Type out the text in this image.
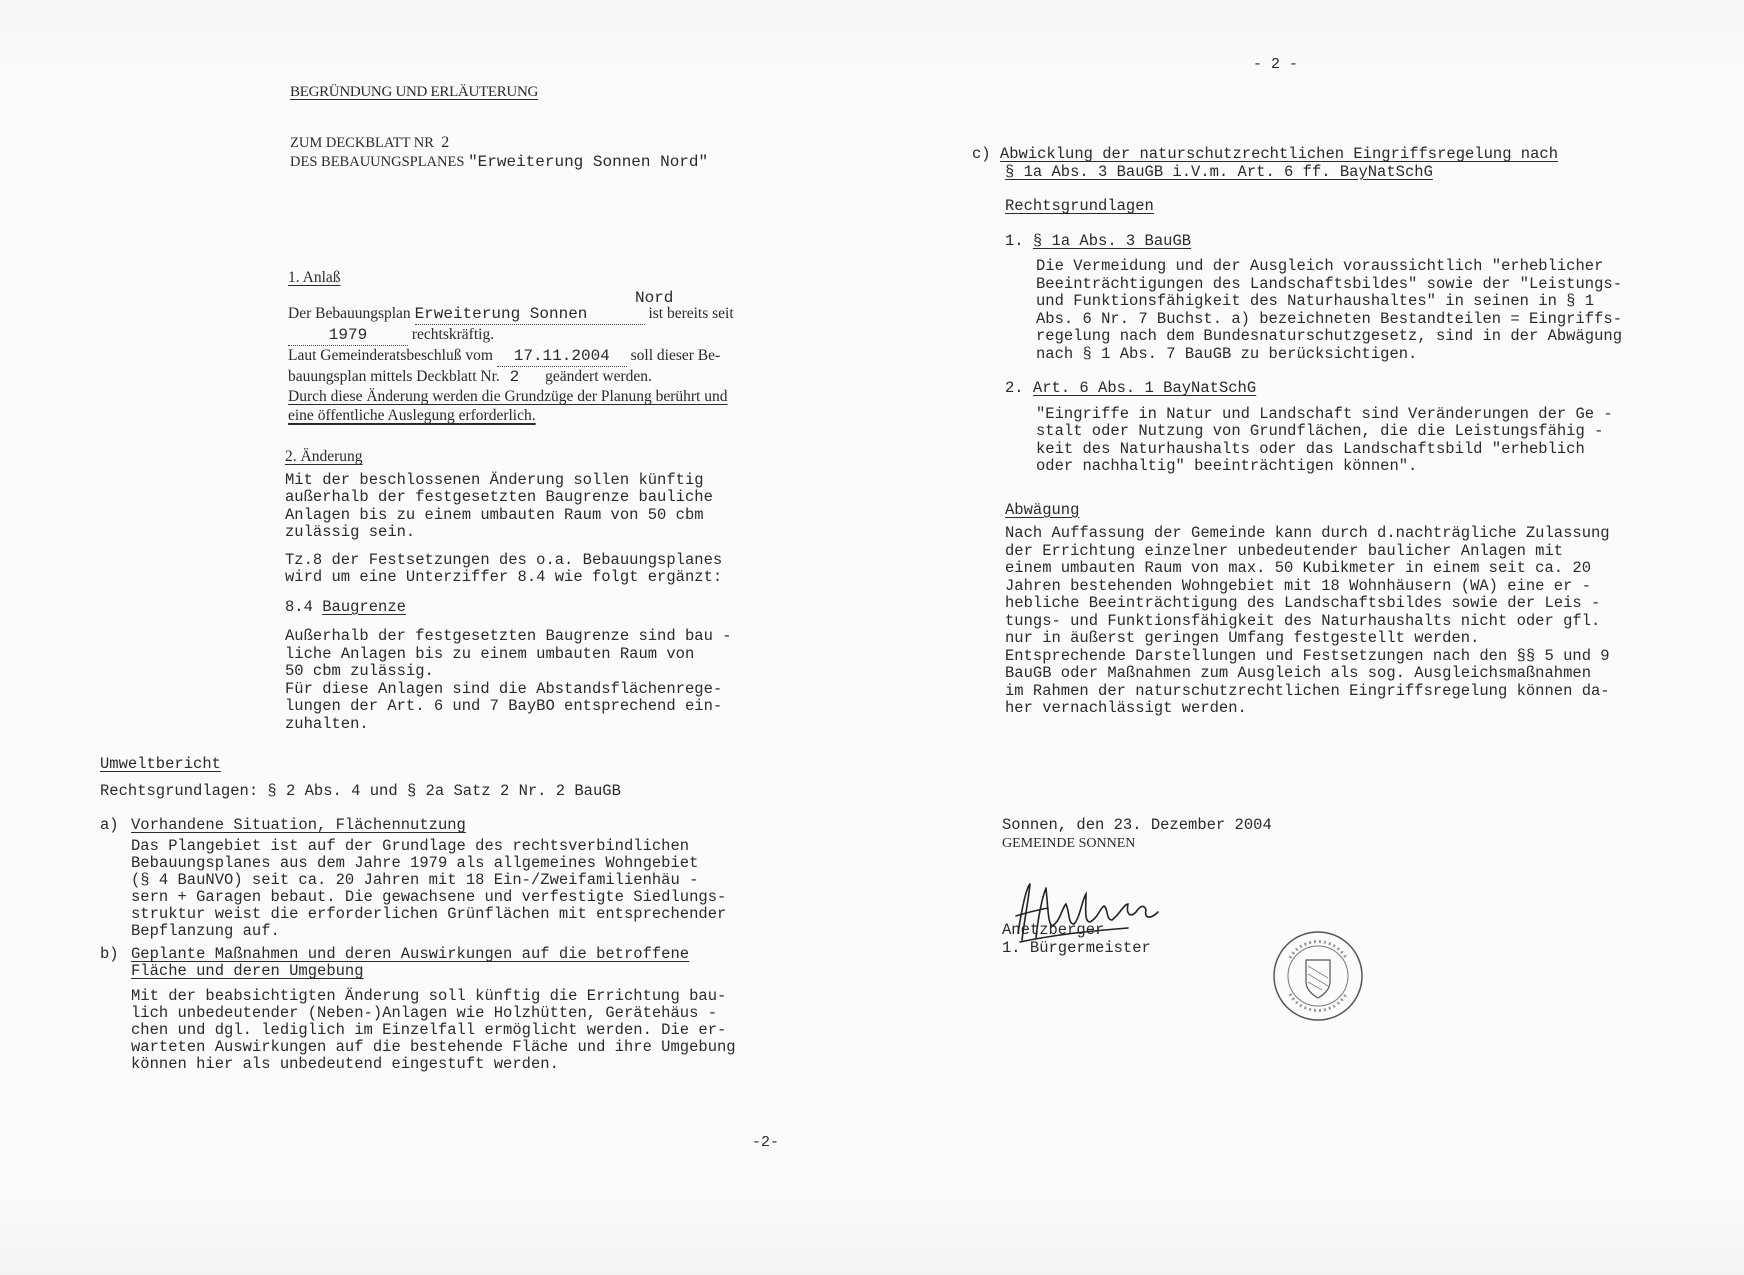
BEGRÜNDUNG UND ERLÄUTERUNG
ZUM DECKBLATT NR 2
DES BEBAUUNGSPLANES "Erweiterung Sonnen Nord"
1. Anlaß
Nord
Der Bebauungsplan Erweiterung Sonnen	ist bereits seit
1979	rechtskräftig.
Laut Gemeinderatsbeschluß vom 17.11.2004 soll dieser Be-
bauungsplan mittels Deckblatt Nr. 2 geändert werden.
Durch diese Änderung werden die Grundzüge der Planung berührt und
eine öffentliche Auslegung erforderlich.
2. Änderung
Mit der beschlossenen Änderung sollen künftig
außerhalb der festgesetzten Baugrenze bauliche
Anlagen bis zu einem umbauten Raum von 50 cbm
zulässig sein.
Tz.8 der Festsetzungen des o.a. Bebauungsplanes
wird um eine Unterziffer 8.4 wie folgt ergänzt:
8.4 Baugrenze
Außerhalb der festgesetzten Baugrenze sind bau -
liche Anlagen bis zu einem umbauten Raum von
50 cbm zulässig.
Für diese Anlagen sind die Abstandsflächenrege-
lungen der Art. 6 und 7 BayBO entsprechend ein-
zuhalten.
Umweltbericht
Rechtsgrundlagen: § 2 Abs. 4 und § 2a Satz 2 Nr. 2 BauGB
a) Vorhandene Situation, Flächennutzung
Das Plangebiet ist auf der Grundlage des rechtsverbindlichen
Bebauungsplanes aus dem Jahre 1979 als allgemeines Wohngebiet
(§ 4 BauNVO) seit ca. 20 Jahren mit 18 Ein-/Zweifamilienhäu -
sern + Garagen bebaut. Die gewachsene und verfestigte Siedlungs-
struktur weist die erforderlichen Grünflächen mit entsprechender
Bepflanzung auf.
b) Geplante Maßnahmen und deren Auswirkungen auf die betroffene
Fläche und deren Umgebung
Mit der beabsichtigten Änderung soll künftig die Errichtung bau-
lich unbedeutender (Neben-)Anlagen wie Holzhütten, Gerätehäus -
chen und dgl. lediglich im Einzelfall ermöglicht werden. Die er-
warteten Auswirkungen auf die bestehende Fläche und ihre Umgebung
können hier als unbedeutend eingestuft werden.
-2-
- 2 -
c) Abwicklung der naturschutzrechtlichen Eingriffsregelung nach
§ 1a Abs. 3 BauGB i.V.m. Art. 6 ff. BayNatSchG
Rechtsgrundlagen
1. § 1a Abs. 3 BauGB
Die Vermeidung und der Ausgleich voraussichtlich "erheblicher
Beeinträchtigungen des Landschaftsbildes" sowie der "Leistungs-
und Funktionsfähigkeit des Naturhaushaltes" in seinen in § 1
Abs. 6 Nr. 7 Buchst. a) bezeichneten Bestandteilen = Eingriffs-
regelung nach dem Bundesnaturschutzgesetz, sind in der Abwägung
nach § 1 Abs. 7 BauGB zu berücksichtigen.
2. Art. 6 Abs. 1 BayNatSchG
"Eingriffe in Natur und Landschaft sind Veränderungen der Ge -
stalt oder Nutzung von Grundflächen, die die Leistungsfähig -
keit des Naturhaushalts oder das Landschaftsbild "erheblich
oder nachhaltig" beeinträchtigen können".
Abwägung
Nach Auffassung der Gemeinde kann durch d.nachträgliche Zulassung
der Errichtung einzelner unbedeutender baulicher Anlagen mit
einem umbauten Raum von max. 50 Kubikmeter in einem seit ca. 20
Jahren bestehenden Wohngebiet mit 18 Wohnhäusern (WA) eine er -
hebliche Beeinträchtigung des Landschaftsbildes sowie der Leis -
tungs- und Funktionsfähigkeit des Naturhaushalts nicht oder gfl.
nur in äußerst geringen Umfang festgestellt werden.
Entsprechende Darstellungen und Festsetzungen nach den §§ 5 und 9
BauGB oder Maßnahmen zum Ausgleich als sog. Ausgleichsmaßnahmen
im Rahmen der naturschutzrechtlichen Eingriffsregelung können da-
her vernachlässigt werden.
Sonnen, den 23. Dezember 2004
GEMEINDE SONNEN
Anetzberger
1. Bürgermeister
